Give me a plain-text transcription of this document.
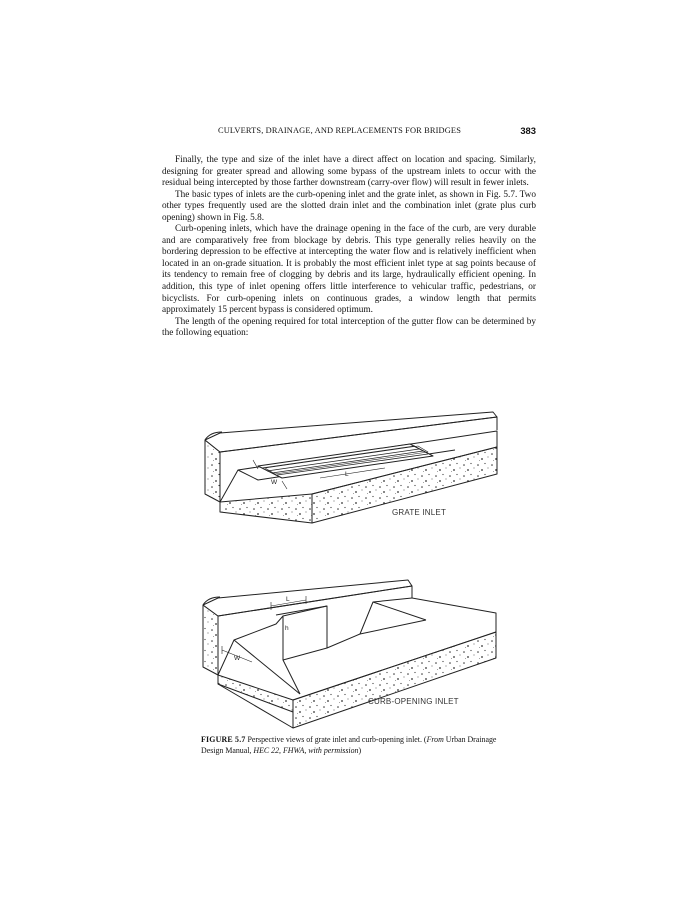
CULVERTS, DRAINAGE, AND REPLACEMENTS FOR BRIDGES	383

Finally, the type and size of the inlet have a direct affect on location and spacing. Similarly, designing for greater spread and allowing some bypass of the upstream inlets to occur with the residual being intercepted by those farther downstream (carry-over flow) will result in fewer inlets.

The basic types of inlets are the curb-opening inlet and the grate inlet, as shown in Fig. 5.7. Two other types frequently used are the slotted drain inlet and the combination inlet (grate plus curb opening) shown in Fig. 5.8.

Curb-opening inlets, which have the drainage opening in the face of the curb, are very durable and are comparatively free from blockage by debris. This type generally relies heavily on the bordering depression to be effective at intercepting the water flow and is relatively inefficient when located in an on-grade situation. It is probably the most efficient inlet type at sag points because of its tendency to remain free of clogging by debris and its large, hydraulically efficient opening. In addition, this type of inlet opening offers little interference to vehicular traffic, pedestrians, or bicyclists. For curb-opening inlets on continuous grades, a window length that permits approximately 15 percent bypass is considered optimum.

The length of the opening required for total interception of the gutter flow can be determined by the following equation:

W
L
GRATE INLET
L
h
W
CURB-OPENING INLET
FIGURE 5.7 Perspective views of grate inlet and curb-opening inlet. (From Urban Drainage Design Manual, HEC 22, FHWA, with permission)
